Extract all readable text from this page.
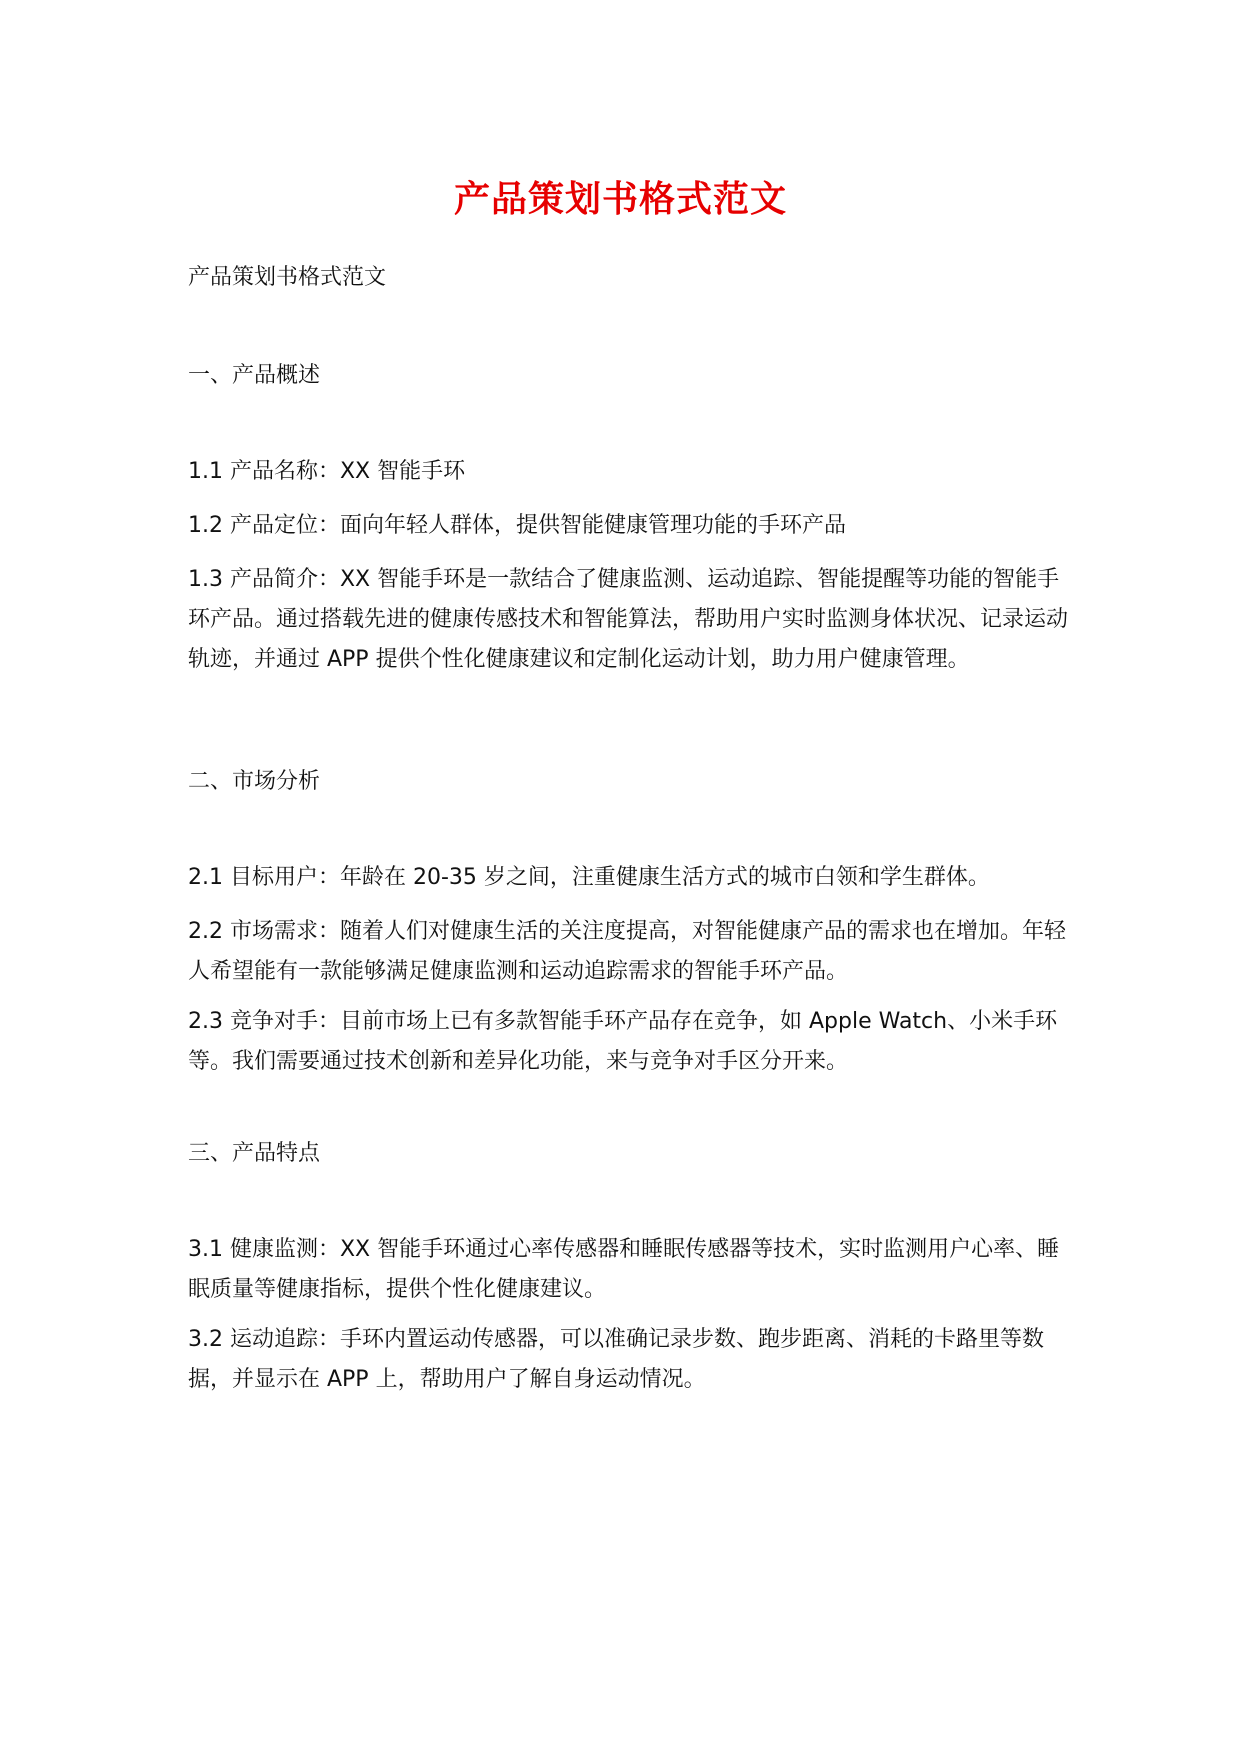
产品策划书格式范文
产品策划书格式范文
一、产品概述
1.1 产品名称：XX 智能手环
1.2 产品定位：面向年轻人群体，提供智能健康管理功能的手环产品
1.3 产品简介：XX 智能手环是一款结合了健康监测、运动追踪、智能提醒等功能的智能手环产品。通过搭载先进的健康传感技术和智能算法，帮助用户实时监测身体状况、记录运动轨迹，并通过 APP 提供个性化健康建议和定制化运动计划，助力用户健康管理。
二、市场分析
2.1 目标用户：年龄在 20-35 岁之间，注重健康生活方式的城市白领和学生群体。
2.2 市场需求：随着人们对健康生活的关注度提高，对智能健康产品的需求也在增加。年轻人希望能有一款能够满足健康监测和运动追踪需求的智能手环产品。
2.3 竞争对手：目前市场上已有多款智能手环产品存在竞争，如 Apple Watch、小米手环等。我们需要通过技术创新和差异化功能，来与竞争对手区分开来。
三、产品特点
3.1 健康监测：XX 智能手环通过心率传感器和睡眠传感器等技术，实时监测用户心率、睡眠质量等健康指标，提供个性化健康建议。
3.2 运动追踪：手环内置运动传感器，可以准确记录步数、跑步距离、消耗的卡路里等数据，并显示在 APP 上，帮助用户了解自身运动情况。
